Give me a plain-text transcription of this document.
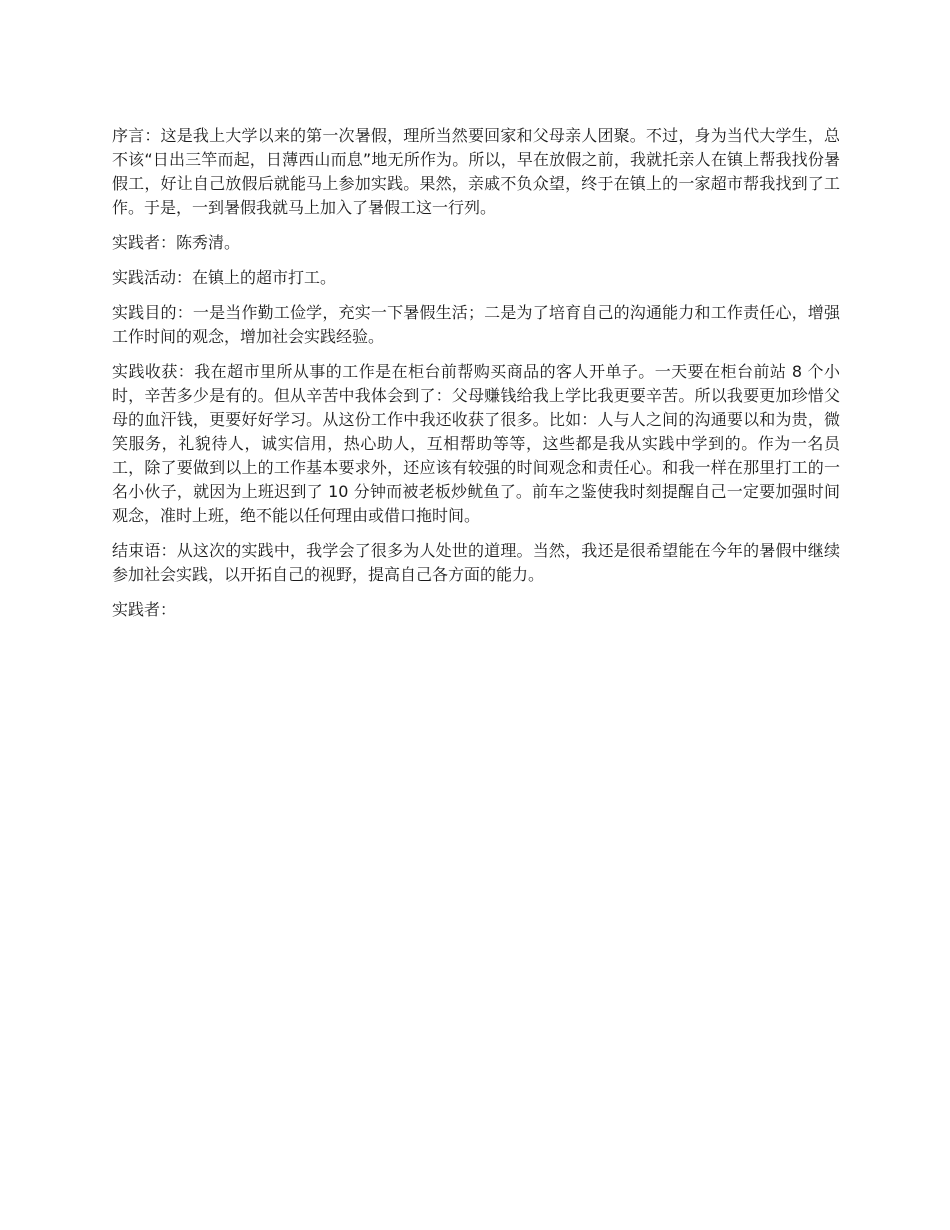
序言：这是我上大学以来的第一次暑假，理所当然要回家和父母亲人团聚。不过，身为当代大学生，总不该“日出三竿而起，日薄西山而息”地无所作为。所以，早在放假之前，我就托亲人在镇上帮我找份暑假工，好让自己放假后就能马上参加实践。果然，亲戚不负众望，终于在镇上的一家超市帮我找到了工作。于是，一到暑假我就马上加入了暑假工这一行列。

实践者：陈秀清。

实践活动：在镇上的超市打工。

实践目的：一是当作勤工俭学，充实一下暑假生活；二是为了培育自己的沟通能力和工作责任心，增强工作时间的观念，增加社会实践经验。

实践收获：我在超市里所从事的工作是在柜台前帮购买商品的客人开单子。一天要在柜台前站 8 个小时，辛苦多少是有的。但从辛苦中我体会到了：父母赚钱给我上学比我更要辛苦。所以我要更加珍惜父母的血汗钱，更要好好学习。从这份工作中我还收获了很多。比如：人与人之间的沟通要以和为贵，微笑服务，礼貌待人，诚实信用，热心助人，互相帮助等等，这些都是我从实践中学到的。作为一名员工，除了要做到以上的工作基本要求外，还应该有较强的时间观念和责任心。和我一样在那里打工的一名小伙子，就因为上班迟到了 10 分钟而被老板炒鱿鱼了。前车之鉴使我时刻提醒自己一定要加强时间观念，准时上班，绝不能以任何理由或借口拖时间。

结束语：从这次的实践中，我学会了很多为人处世的道理。当然，我还是很希望能在今年的暑假中继续参加社会实践，以开拓自己的视野，提高自己各方面的能力。

实践者：
